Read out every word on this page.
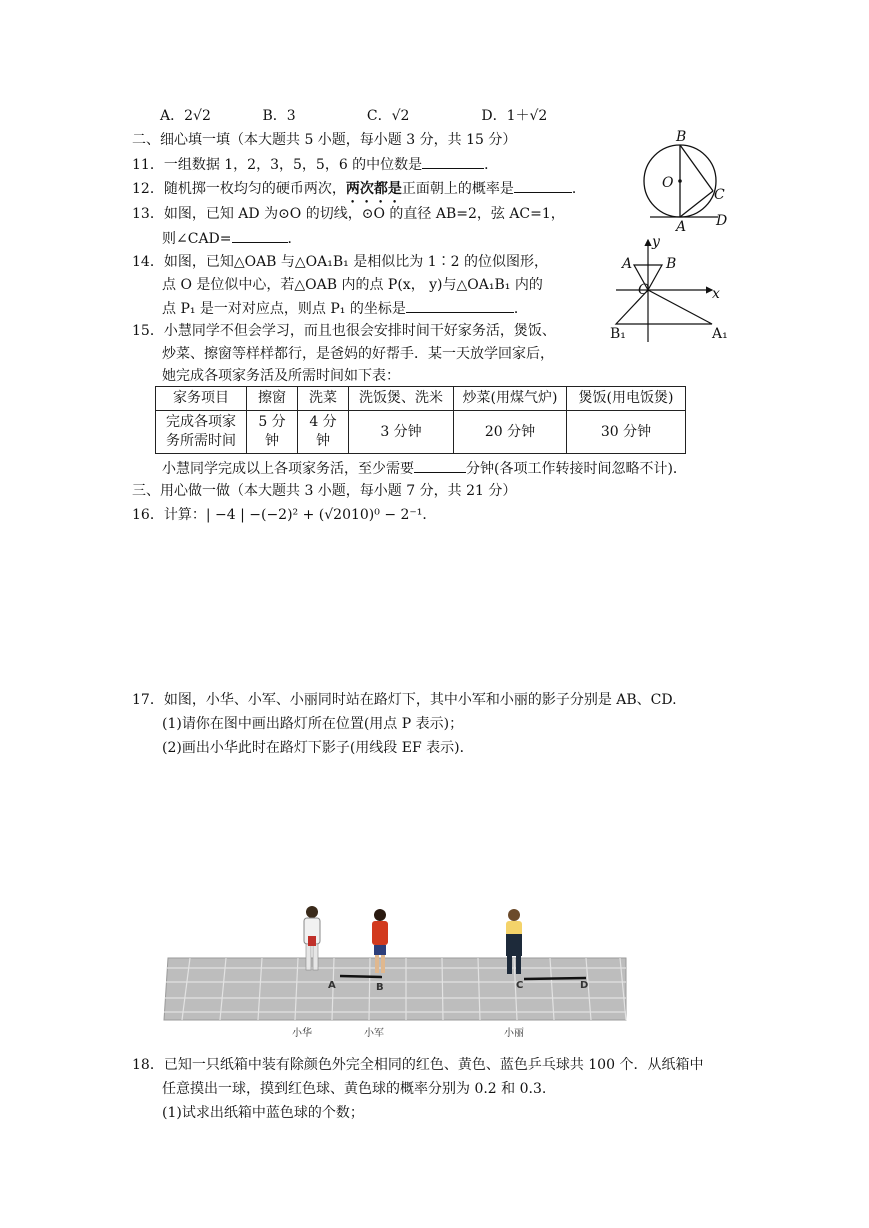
A．2√2	B．3	C．√2	D．1＋√2
二、细心填一填（本大题共 5 小题，每小题 3 分，共 15 分）
11．一组数据 1，2，3，5，5，6 的中位数是	．
12．随机掷一枚均匀的硬币两次，两次都是正面朝上的概率是	．
13．如图，已知 AD 为⊙O 的切线，⊙O 的直径 AB=2，弦 AC=1，
则∠CAD=	．
14．如图，已知△OAB 与△OA₁B₁ 是相似比为 1∶2 的位似图形，
点 O 是位似中心，若△OAB 内的点 P(x， y)与△OA₁B₁ 内的
点 P₁ 是一对对应点，则点 P₁ 的坐标是	．
15．小慧同学不但会学习，而且也很会安排时间干好家务活，煲饭、
炒菜、擦窗等样样都行，是爸妈的好帮手．某一天放学回家后，
她完成各项家务活及所需时间如下表：
家务项目	擦窗	洗菜	洗饭煲、洗米	炒菜(用煤气炉)	煲饭(用电饭煲)
完成各项家
务所需时间	5 分钟	4 分钟	3 分钟	20 分钟	30 分钟
小慧同学完成以上各项家务活，至少需要	分钟(各项工作转接时间忽略不计)．
三、用心做一做（本大题共 3 小题，每小题 7 分，共 21 分）
16．计算：| −4 | −(−2)² + (√2010)⁰ − 2⁻¹．
17．如图，小华、小军、小丽同时站在路灯下，其中小军和小丽的影子分别是 AB、CD.
(1)请你在图中画出路灯所在位置(用点 P 表示)；
(2)画出小华此时在路灯下影子(用线段 EF 表示)．
18．已知一只纸箱中装有除颜色外完全相同的红色、黄色、蓝色乒乓球共 100 个．从纸箱中
任意摸出一球，摸到红色球、黄色球的概率分别为 0.2 和 0.3.
(1)试求出纸箱中蓝色球的个数；
B
O
C
A D
y
A B
O	x
B₁	A₁
A	B	C	D
小华	小军	小丽
